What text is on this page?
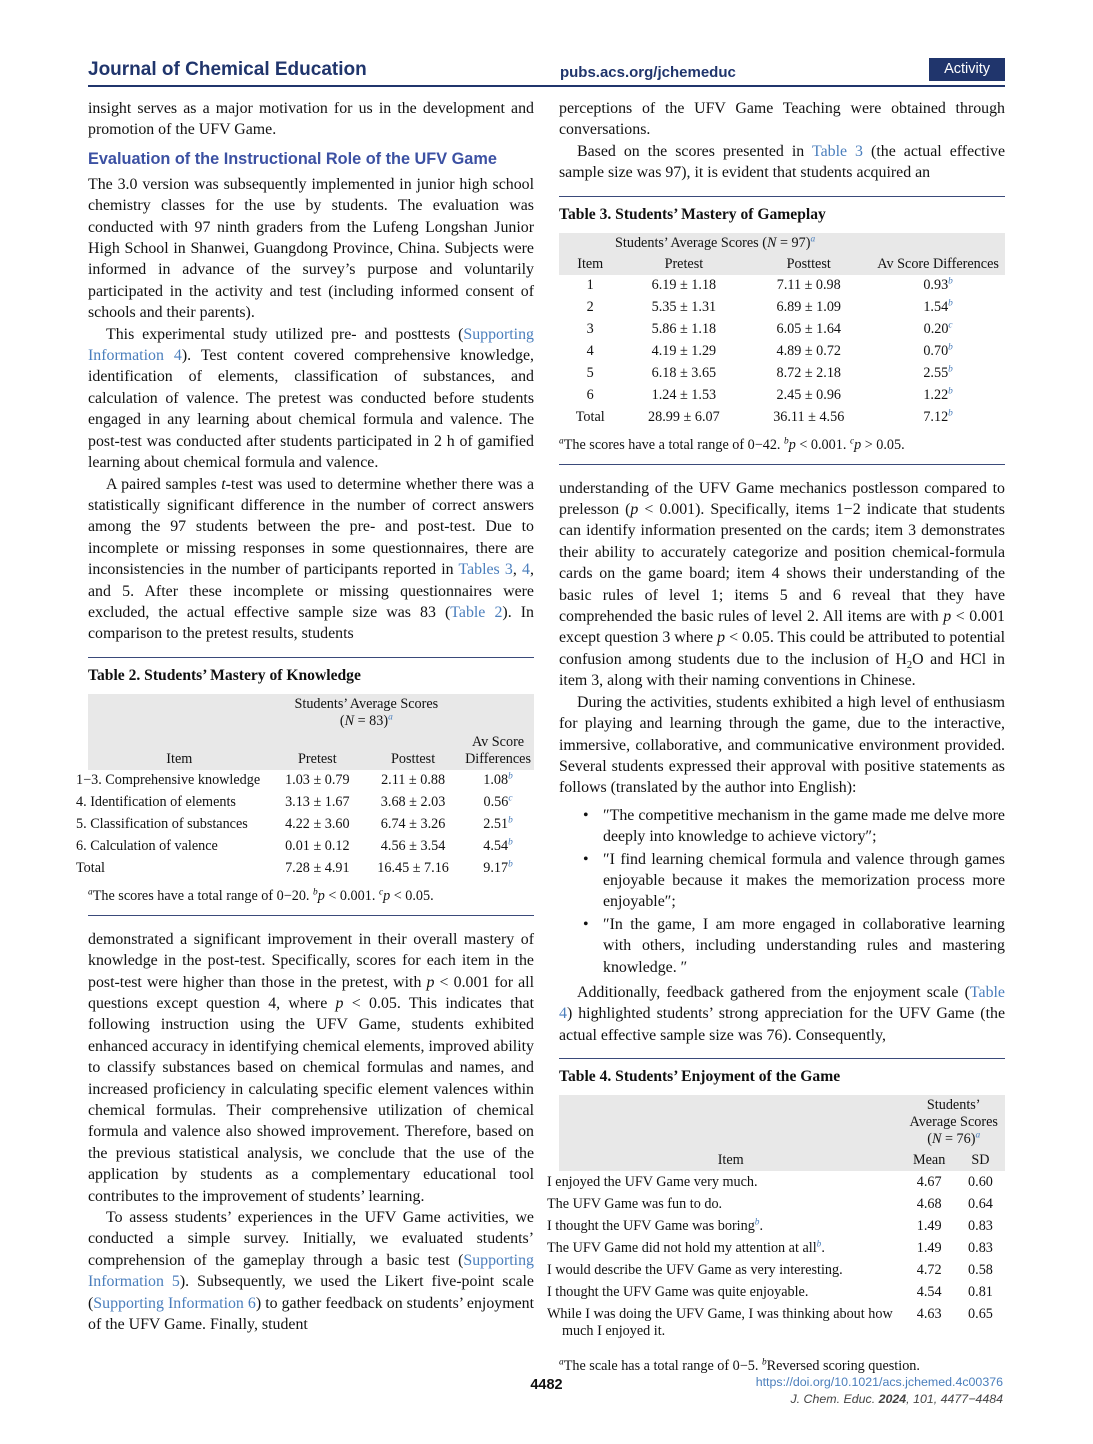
Journal of Chemical Education	pubs.acs.org/jchemeduc	Activity

insight serves as a major motivation for us in the development and promotion of the UFV Game.

Evaluation of the Instructional Role of the UFV Game

The 3.0 version was subsequently implemented in junior high school chemistry classes for the use by students. The evaluation was conducted with 97 ninth graders from the Lufeng Longshan Junior High School in Shanwei, Guangdong Province, China. Subjects were informed in advance of the survey’s purpose and voluntarily participated in the activity and test (including informed consent of schools and their parents).

This experimental study utilized pre- and posttests (Supporting Information 4). Test content covered comprehensive knowledge, identification of elements, classification of substances, and calculation of valence. The pretest was conducted before students engaged in any learning about chemical formula and valence. The post-test was conducted after students participated in 2 h of gamified learning about chemical formula and valence.

A paired samples t-test was used to determine whether there was a statistically significant difference in the number of correct answers among the 97 students between the pre- and post-test. Due to incomplete or missing responses in some questionnaires, there are inconsistencies in the number of participants reported in Tables 3, 4, and 5. After these incomplete or missing questionnaires were excluded, the actual effective sample size was 83 (Table 2). In comparison to the pretest results, students

Table 2. Students’ Mastery of Knowledge

	Students’ Average Scores
(N = 83)$^a$

Item	Pretest	Posttest	Av Score Differences
1−3. Comprehensive knowledge	1.03 ± 0.79	2.11 ± 0.88	1.08$^b$
4. Identification of elements	3.13 ± 1.67	3.68 ± 2.03	0.56$^c$
5. Classification of substances	4.22 ± 3.60	6.74 ± 3.26	2.51$^b$
6. Calculation of valence	0.01 ± 0.12	4.56 ± 3.54	4.54$^b$
Total	7.28 ± 4.91	16.45 ± 7.16	9.17$^b$
$^a$The scores have a total range of 0−20. $^b$p < 0.001. $^c$p < 0.05.

demonstrated a significant improvement in their overall mastery of knowledge in the post-test. Specifically, scores for each item in the post-test were higher than those in the pretest, with p < 0.001 for all questions except question 4, where p < 0.05. This indicates that following instruction using the UFV Game, students exhibited enhanced accuracy in identifying chemical elements, improved ability to classify substances based on chemical formulas and names, and increased proficiency in calculating specific element valences within chemical formulas. Their comprehensive utilization of chemical formula and valence also showed improvement. Therefore, based on the previous statistical analysis, we conclude that the use of the application by students as a complementary educational tool contributes to the improvement of students’ learning.

To assess students’ experiences in the UFV Game activities, we conducted a simple survey. Initially, we evaluated students’ comprehension of the gameplay through a basic test (Supporting Information 5). Subsequently, we used the Likert five-point scale (Supporting Information 6) to gather feedback on students’ enjoyment of the UFV Game. Finally, student

perceptions of the UFV Game Teaching were obtained through conversations.

Based on the scores presented in Table 3 (the actual effective sample size was 97), it is evident that students acquired an

Table 3. Students’ Mastery of Gameplay
Students’ Average Scores (N = 97)$^a$	
Item	Pretest	Posttest	Av Score Differences
1	6.19 ± 1.18	7.11 ± 0.98	0.93$^b$
2	5.35 ± 1.31	6.89 ± 1.09	1.54$^b$
3	5.86 ± 1.18	6.05 ± 1.64	0.20$^c$
4	4.19 ± 1.29	4.89 ± 0.72	0.70$^b$
5	6.18 ± 3.65	8.72 ± 2.18	2.55$^b$
6	1.24 ± 1.53	2.45 ± 0.96	1.22$^b$
Total	28.99 ± 6.07	36.11 ± 4.56	7.12$^b$
$^a$The scores have a total range of 0−42. $^b$p < 0.001. $^c$p > 0.05.

understanding of the UFV Game mechanics postlesson compared to prelesson (p < 0.001). Specifically, items 1−2 indicate that students can identify information presented on the cards; item 3 demonstrates their ability to accurately categorize and position chemical-formula cards on the game board; item 4 shows their understanding of the basic rules of level 1; items 5 and 6 reveal that they have comprehended the basic rules of level 2. All items are with p < 0.001 except question 3 where p < 0.05. This could be attributed to potential confusion among students due to the inclusion of $H_2O$ and HCl in item 3, along with their naming conventions in Chinese.

During the activities, students exhibited a high level of enthusiasm for playing and learning through the game, due to the interactive, immersive, collaborative, and communicative environment provided. Several students expressed their approval with positive statements as follows (translated by the author into English):

• ″The competitive mechanism in the game made me delve more deeply into knowledge to achieve victory″;
• ″I find learning chemical formula and valence through games enjoyable because it makes the memorization process more enjoyable″;
• ″In the game, I am more engaged in collaborative learning with others, including understanding rules and mastering knowledge. ″

Additionally, feedback gathered from the enjoyment scale (Table 4) highlighted students’ strong appreciation for the UFV Game (the actual effective sample size was 76). Consequently,

Table 4. Students’ Enjoyment of the Game

	Students’
Average Scores
(N = 76)$^a$

Item	Mean	SD
I enjoyed the UFV Game very much.	4.67	0.60
The UFV Game was fun to do.	4.68	0.64
I thought the UFV Game was boring$^b$.	1.49	0.83
The UFV Game did not hold my attention at all$^b$.	1.49	0.83
I would describe the UFV Game as very interesting.	4.72	0.58
I thought the UFV Game was quite enjoyable.	4.54	0.81
While I was doing the UFV Game, I was thinking about how much I enjoyed it.	4.63	0.65
$^a$The scale has a total range of 0−5. $^b$Reversed scoring question.
4482	https://doi.org/10.1021/acs.jchemed.4c00376
J. Chem. Educ. 2024, 101, 4477−4484
